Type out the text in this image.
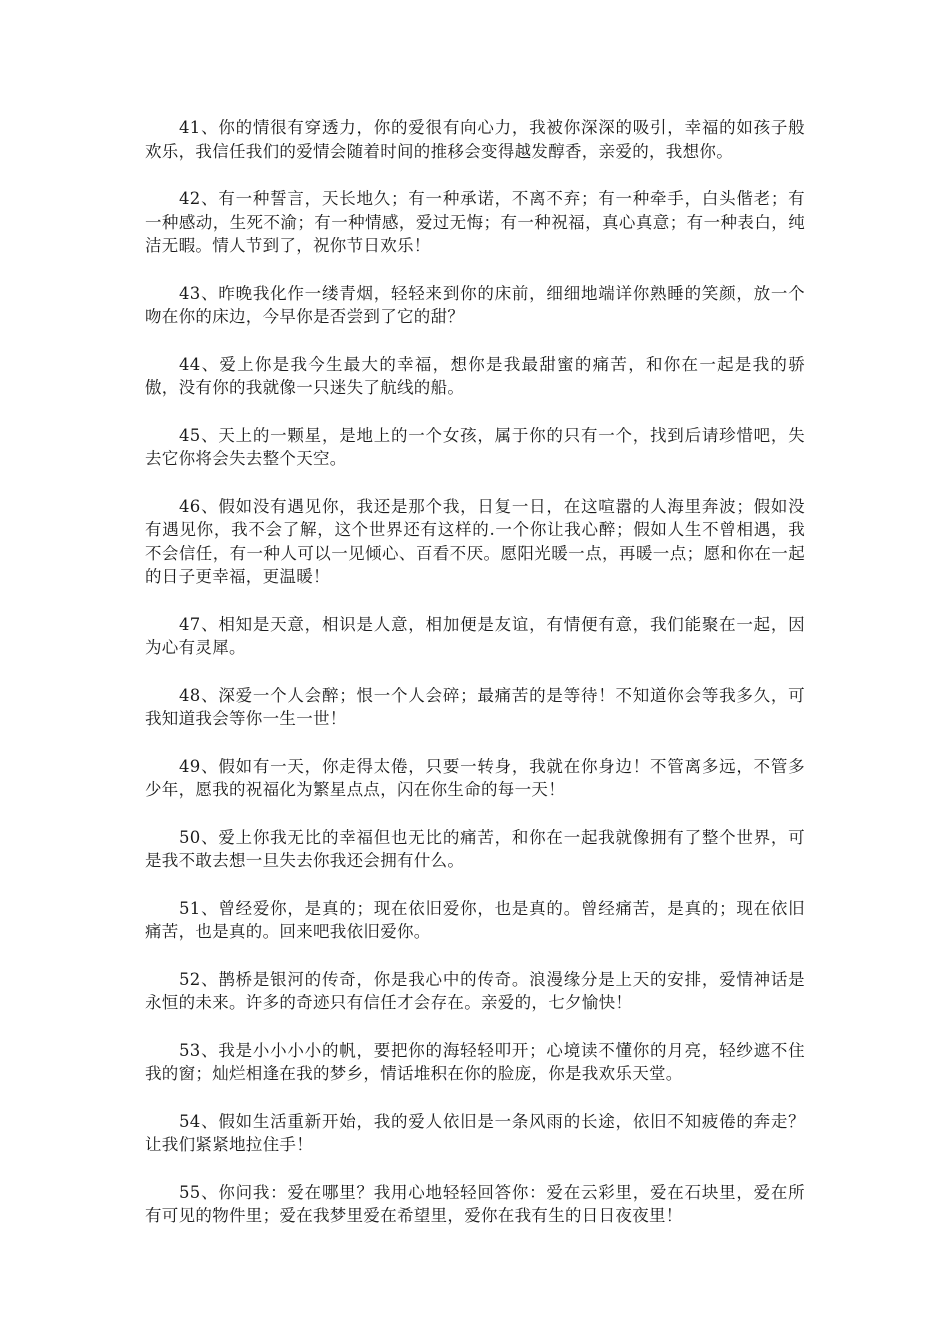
41、你的情很有穿透力，你的爱很有向心力，我被你深深的吸引，幸福的如孩子般欢乐，我信任我们的爱情会随着时间的推移会变得越发醇香，亲爱的，我想你。

42、有一种誓言，天长地久；有一种承诺，不离不弃；有一种牵手，白头偕老；有一种感动，生死不渝；有一种情感，爱过无悔；有一种祝福，真心真意；有一种表白，纯洁无暇。情人节到了，祝你节日欢乐！

43、昨晚我化作一缕青烟，轻轻来到你的床前，细细地端详你熟睡的笑颜，放一个吻在你的床边，今早你是否尝到了它的甜？

44、爱上你是我今生最大的幸福，想你是我最甜蜜的痛苦，和你在一起是我的骄傲，没有你的我就像一只迷失了航线的船。

45、天上的一颗星，是地上的一个女孩，属于你的只有一个，找到后请珍惜吧，失去它你将会失去整个天空。

46、假如没有遇见你，我还是那个我，日复一日，在这喧嚣的人海里奔波；假如没有遇见你，我不会了解，这个世界还有这样的.一个你让我心醉；假如人生不曾相遇，我不会信任，有一种人可以一见倾心、百看不厌。愿阳光暖一点，再暖一点；愿和你在一起的日子更幸福，更温暖！

47、相知是天意，相识是人意，相加便是友谊，有情便有意，我们能聚在一起，因为心有灵犀。

48、深爱一个人会醉；恨一个人会碎；最痛苦的是等待！不知道你会等我多久，可我知道我会等你一生一世！

49、假如有一天，你走得太倦，只要一转身，我就在你身边！不管离多远，不管多少年，愿我的祝福化为繁星点点，闪在你生命的每一天！

50、爱上你我无比的幸福但也无比的痛苦，和你在一起我就像拥有了整个世界，可是我不敢去想一旦失去你我还会拥有什么。

51、曾经爱你，是真的；现在依旧爱你，也是真的。曾经痛苦，是真的；现在依旧痛苦，也是真的。回来吧我依旧爱你。

52、鹊桥是银河的传奇，你是我心中的传奇。浪漫缘分是上天的安排，爱情神话是永恒的未来。许多的奇迹只有信任才会存在。亲爱的，七夕愉快！

53、我是小小小小的帆，要把你的海轻轻叩开；心境读不懂你的月亮，轻纱遮不住我的窗；灿烂相逢在我的梦乡，情话堆积在你的脸庞，你是我欢乐天堂。

54、假如生活重新开始，我的爱人依旧是一条风雨的长途，依旧不知疲倦的奔走？让我们紧紧地拉住手！

55、你问我：爱在哪里？我用心地轻轻回答你：爱在云彩里，爱在石块里，爱在所有可见的物件里；爱在我梦里爱在希望里，爱你在我有生的日日夜夜里！
